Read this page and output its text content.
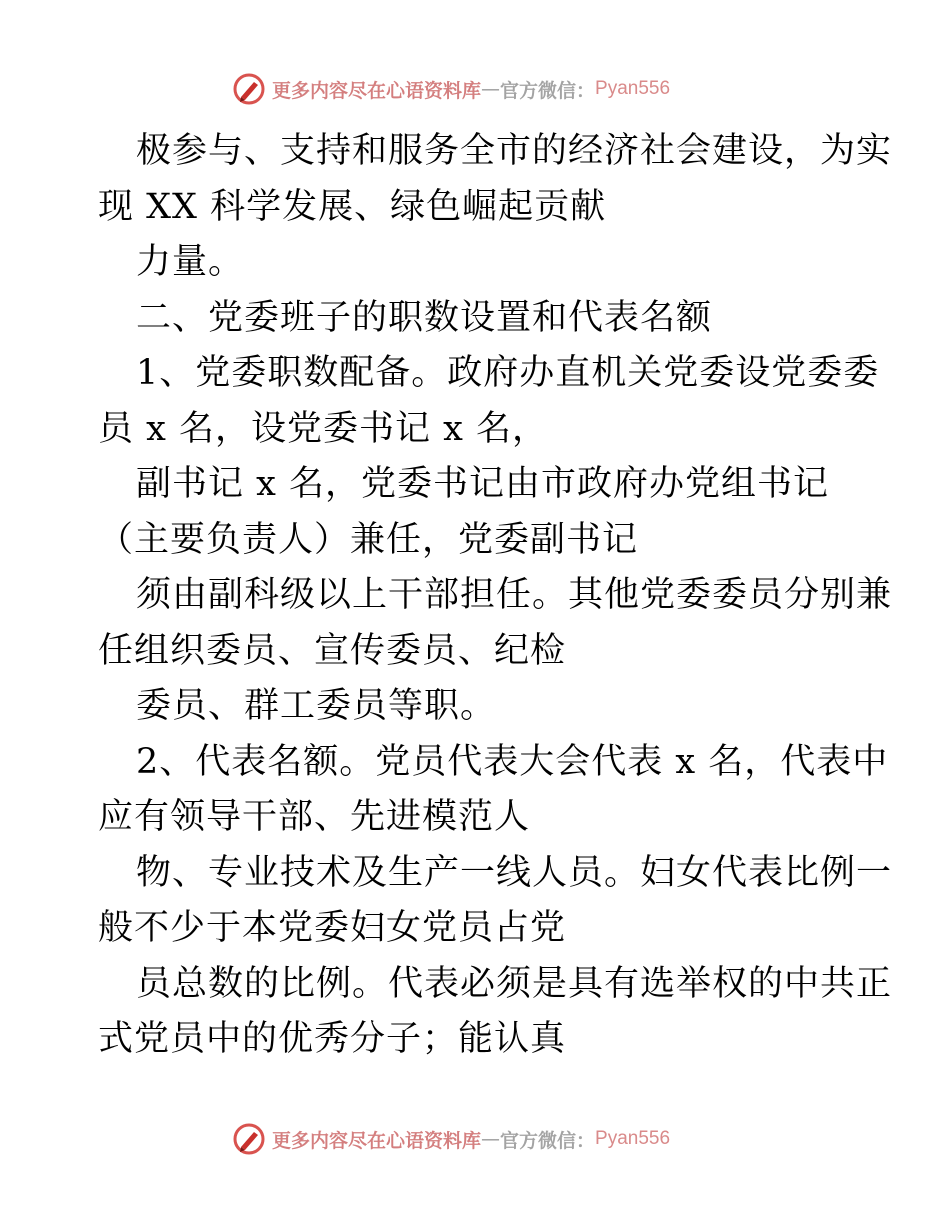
更多内容尽在心语资料库 — 官方微信： Pyan556
极参与、支持和服务全市的经济社会建设，为实
现 XX 科学发展、绿色崛起贡献
力量。
二、党委班子的职数设置和代表名额
1、党委职数配备。政府办直机关党委设党委委
员 x 名，设党委书记 x 名，
副书记 x 名，党委书记由市政府办党组书记
（主要负责人）兼任，党委副书记
须由副科级以上干部担任。其他党委委员分别兼
任组织委员、宣传委员、纪检
委员、群工委员等职。
2、代表名额。党员代表大会代表 x 名，代表中
应有领导干部、先进模范人
物、专业技术及生产一线人员。妇女代表比例一
般不少于本党委妇女党员占党
员总数的比例。代表必须是具有选举权的中共正
式党员中的优秀分子；能认真
更多内容尽在心语资料库 — 官方微信： Pyan556
